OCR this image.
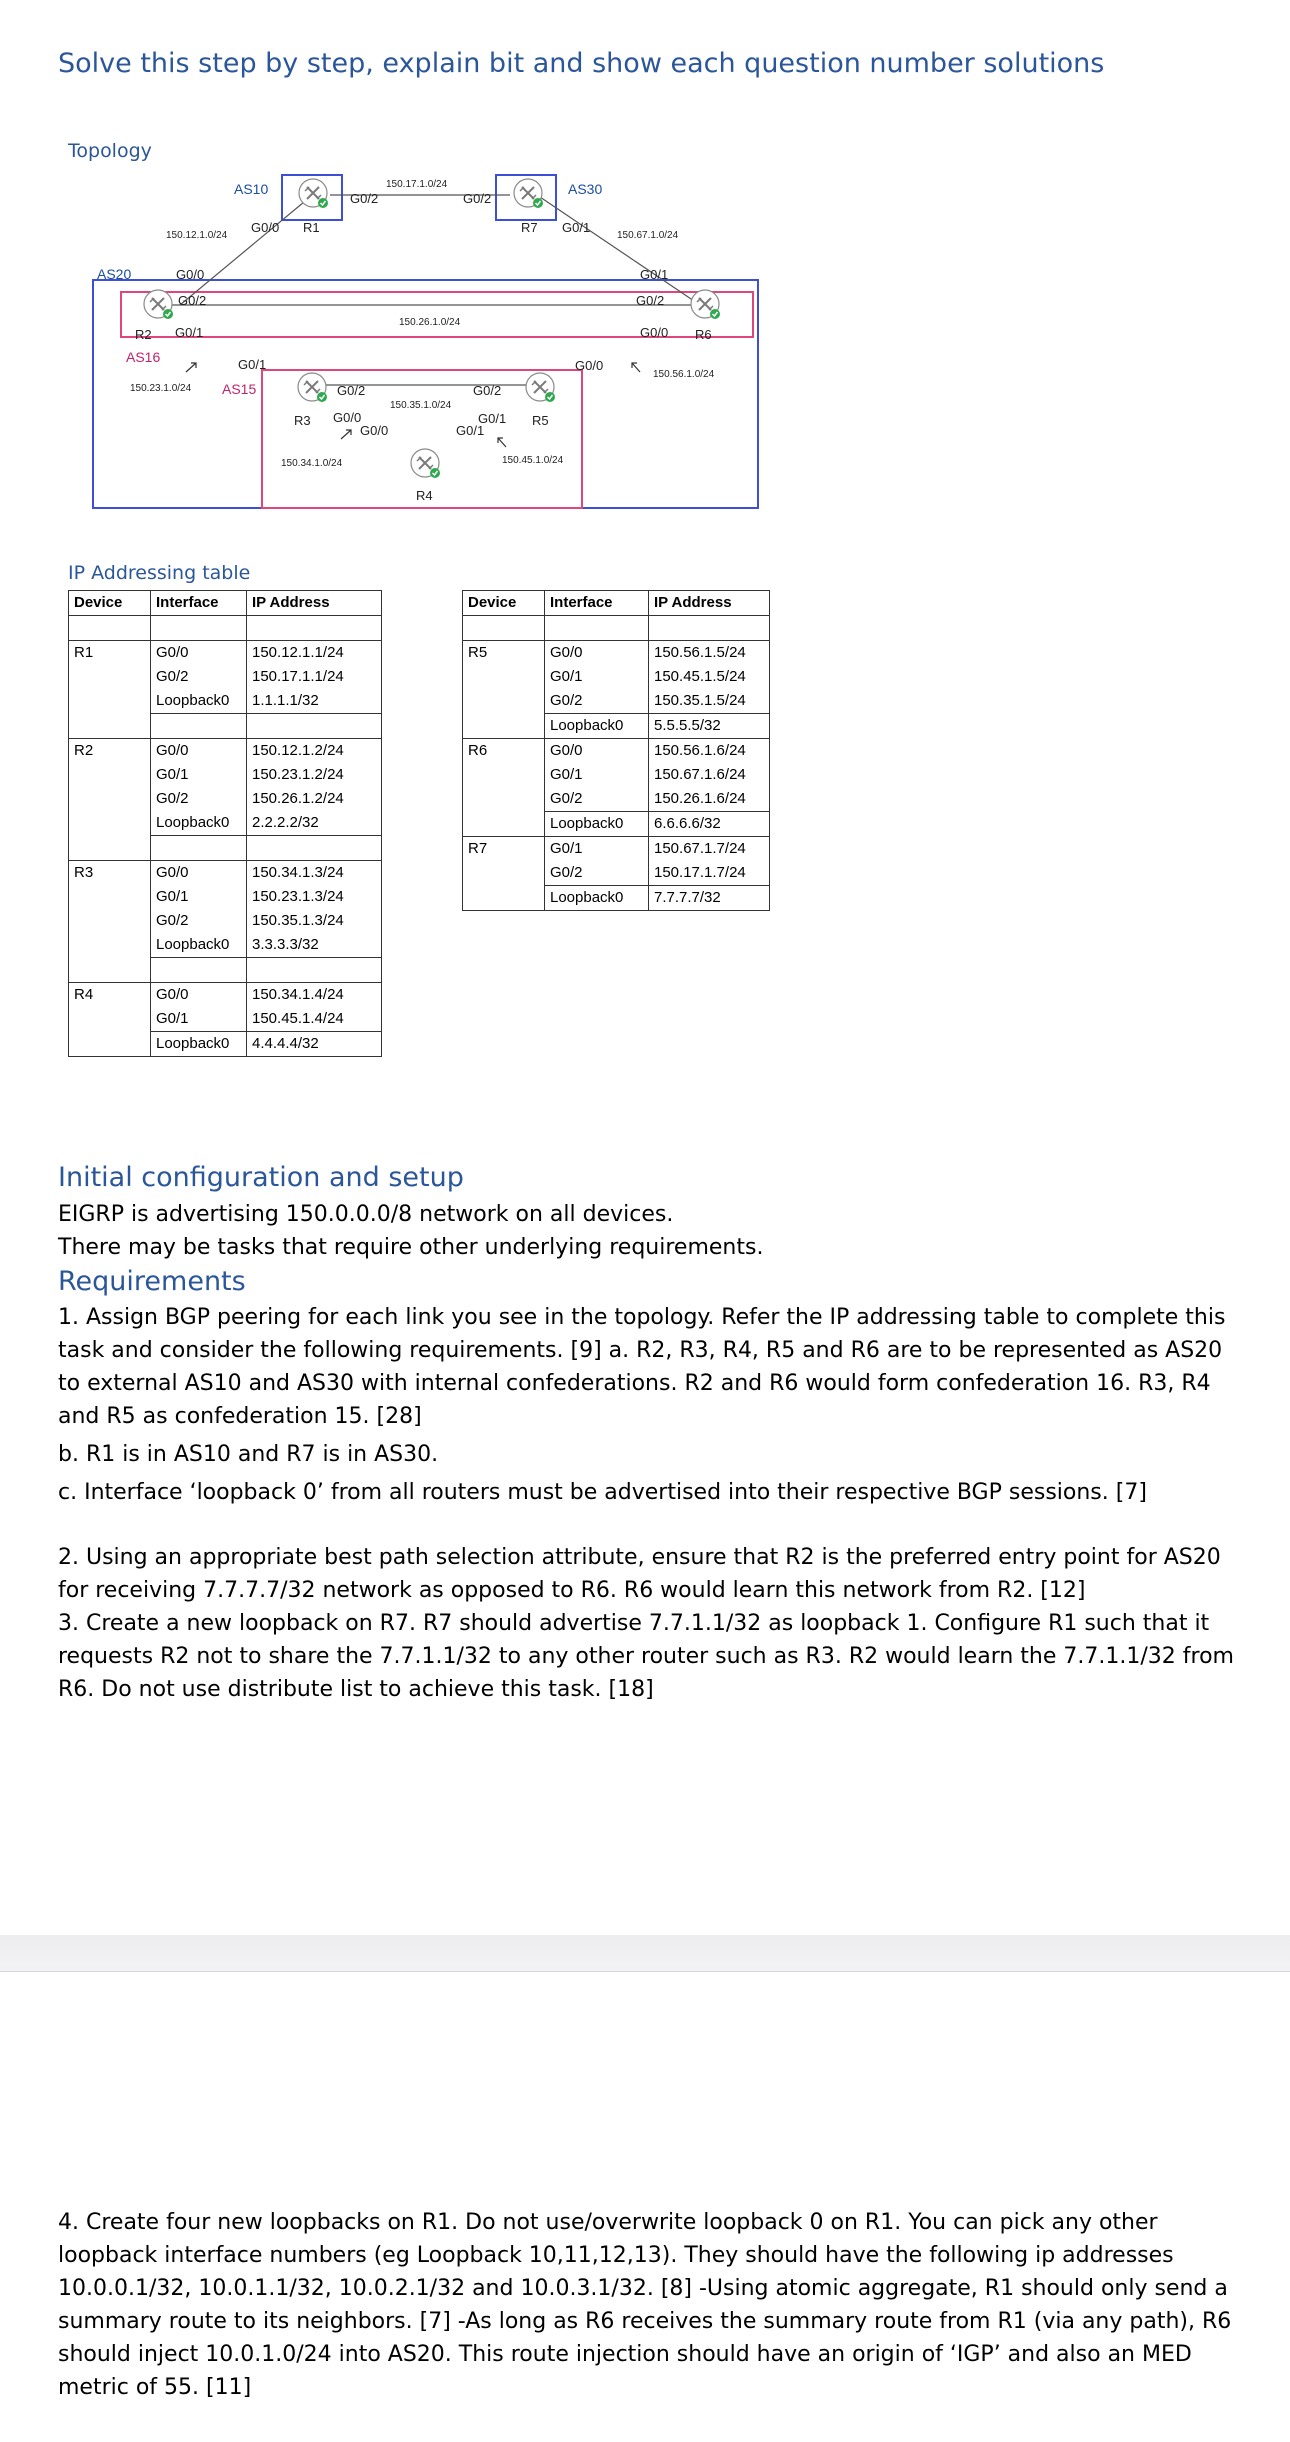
Solve this step by step, explain bit and show each question number solutions
Topology
AS10	AS30
AS20
AS16
AS15
R1
R2
R3
R4
R5
R6
R7
G0/0
G0/2	G0/2
G0/1
G0/0
G0/2
G0/1
G0/1
G0/2
G0/0
G0/0
G0/2
G0/1
G0/1
G0/0
G0/1
G0/2
G0/0
150.17.1.0/24
150.12.1.0/24	150.67.1.0/24
150.26.1.0/24
150.23.1.0/24
150.35.1.0/24
150.56.1.0/24
150.34.1.0/24	150.45.1.0/24
IP Addressing table
Device	Interface	IP Address

R1	G0/0	150.12.1.1/24
	G0/2	150.17.1.1/24
	Loopback0	1.1.1.1/32

R2	G0/0	150.12.1.2/24
	G0/1	150.23.1.2/24
	G0/2	150.26.1.2/24
	Loopback0	2.2.2.2/32

R3	G0/0	150.34.1.3/24
	G0/1	150.23.1.3/24
	G0/2	150.35.1.3/24
	Loopback0	3.3.3.3/32

R4	G0/0	150.34.1.4/24
	G0/1	150.45.1.4/24
	Loopback0	4.4.4.4/32
Device	Interface	IP Address

R5	G0/0	150.56.1.5/24
	G0/1	150.45.1.5/24
	G0/2	150.35.1.5/24
	Loopback0	5.5.5.5/32
R6	G0/0	150.56.1.6/24
	G0/1	150.67.1.6/24
	G0/2	150.26.1.6/24
	Loopback0	6.6.6.6/32
R7	G0/1	150.67.1.7/24
	G0/2	150.17.1.7/24
	Loopback0	7.7.7.7/32
Initial configuration and setup
EIGRP is advertising 150.0.0.0/8 network on all devices.
There may be tasks that require other underlying requirements.
Requirements
1. Assign BGP peering for each link you see in the topology. Refer the IP addressing table to complete this task and consider the following requirements. [9] a. R2, R3, R4, R5 and R6 are to be represented as AS20 to external AS10 and AS30 with internal confederations. R2 and R6 would form confederation 16. R3, R4 and R5 as confederation 15. [28]
b. R1 is in AS10 and R7 is in AS30.
c. Interface ‘loopback 0’ from all routers must be advertised into their respective BGP sessions. [7]
2. Using an appropriate best path selection attribute, ensure that R2 is the preferred entry point for AS20 for receiving 7.7.7.7/32 network as opposed to R6. R6 would learn this network from R2. [12]
3. Create a new loopback on R7. R7 should advertise 7.7.1.1/32 as loopback 1. Configure R1 such that it requests R2 not to share the 7.7.1.1/32 to any other router such as R3. R2 would learn the 7.7.1.1/32 from R6. Do not use distribute list to achieve this task. [18]
4. Create four new loopbacks on R1. Do not use/overwrite loopback 0 on R1. You can pick any other loopback interface numbers (eg Loopback 10,11,12,13). They should have the following ip addresses 10.0.0.1/32, 10.0.1.1/32, 10.0.2.1/32 and 10.0.3.1/32. [8] -Using atomic aggregate, R1 should only send a summary route to its neighbors. [7] -As long as R6 receives the summary route from R1 (via any path), R6 should inject 10.0.1.0/24 into AS20. This route injection should have an origin of ‘IGP’ and also an MED metric of 55. [11]
